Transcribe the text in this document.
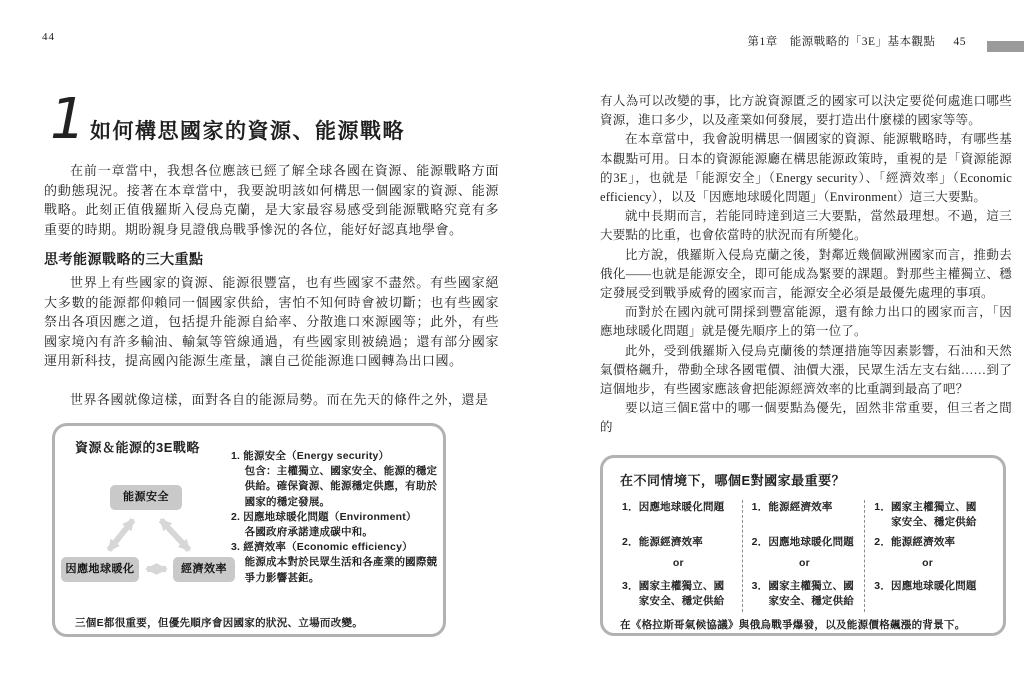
44
1 如何構思國家的資源、能源戰略

在前一章當中，我想各位應該已經了解全球各國在資源、能源戰略方面的動態現況。接著在本章當中，我要說明該如何構思一個國家的資源、能源戰略。此刻正值俄羅斯入侵烏克蘭，是大家最容易感受到能源戰略究竟有多重要的時期。期盼親身見證俄烏戰爭慘況的各位，能好好認真地學會。

思考能源戰略的三大重點

世界上有些國家的資源、能源很豐富，也有些國家不盡然。有些國家絕大多數的能源都仰賴同一個國家供給，害怕不知何時會被切斷；也有些國家祭出各項因應之道，包括提升能源自給率、分散進口來源國等；此外，有些國家境內有許多輸油、輸氣等管線通過，有些國家則被繞過；還有部分國家運用新科技，提高國內能源生產量，讓自己從能源進口國轉為出口國。

世界各國就像這樣，面對各自的能源局勢。而在先天的條件之外，還是

資源＆能源的3E戰略
能源安全
因應地球暖化	經濟效率
1. 能源安全（Energy security）
包含：主權獨立、國家安全、能源的穩定供給。確保資源、能源穩定供應，有助於國家的穩定發展。
2. 因應地球暖化問題（Environment）
各國政府承諾達成碳中和。
3. 經濟效率（Economic efficiency）
能源成本對於民眾生活和各產業的國際競爭力影響甚鉅。
三個E都很重要，但優先順序會因國家的狀況、立場而改變。
第1章　能源戰略的「3E」基本觀點 45

有人為可以改變的事，比方說資源匱乏的國家可以決定要從何處進口哪些資源，進口多少，以及產業如何發展，要打造出什麼樣的國家等等。

在本章當中，我會說明構思一個國家的資源、能源戰略時，有哪些基本觀點可用。日本的資源能源廳在構思能源政策時，重視的是「資源能源的3E」，也就是「能源安全」（Energy security）、「經濟效率」（Economic efficiency），以及「因應地球暖化問題」（Environment）這三大要點。

就中長期而言，若能同時達到這三大要點，當然最理想。不過，這三大要點的比重，也會依當時的狀況而有所變化。

比方說，俄羅斯入侵烏克蘭之後，對鄰近幾個歐洲國家而言，推動去俄化——也就是能源安全，即可能成為緊要的課題。對那些主權獨立、穩定發展受到戰爭威脅的國家而言，能源安全必須是最優先處理的事項。

而對於在國內就可開採到豐富能源，還有餘力出口的國家而言，「因應地球暖化問題」就是優先順序上的第一位了。

此外，受到俄羅斯入侵烏克蘭後的禁運措施等因素影響，石油和天然氣價格飆升，帶動全球各國電價、油價大漲，民眾生活左支右絀……到了這個地步，有些國家應該會把能源經濟效率的比重調到最高了吧？

要以這三個E當中的哪一個要點為優先，固然非常重要，但三者之間的

在不同情境下，哪個E對國家最重要？
1．因應地球暖化問題
2．能源經濟效率
or
3．國家主權獨立、國家安全、穩定供給
1．能源經濟效率
2．因應地球暖化問題
or
3．國家主權獨立、國家安全、穩定供給
1．國家主權獨立、國家安全、穩定供給
2．能源經濟效率
or
3．因應地球暖化問題
在《格拉斯哥氣候協議》與俄烏戰爭爆發，以及能源價格飆漲的背景下。
